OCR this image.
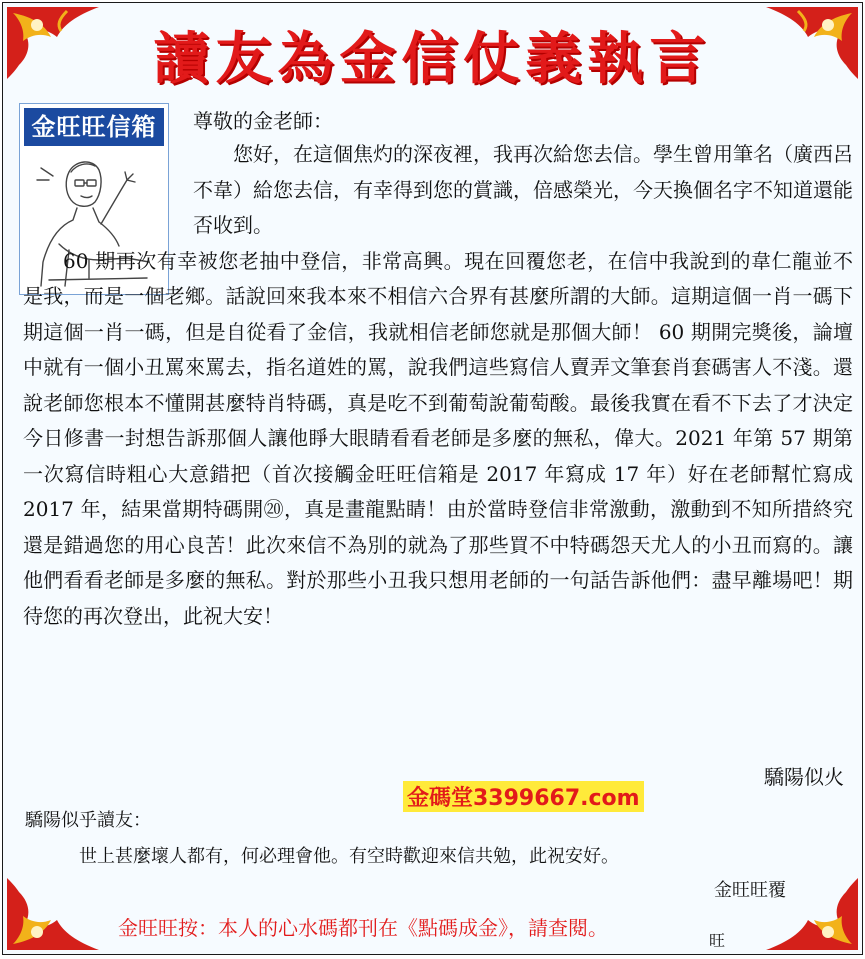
讀友為金信仗義執言
金旺旺信箱	尊敬的金老師：

您好，在這個焦灼的深夜裡，我再次給您去信。學生曾用筆名（廣西呂不韋）給您去信，有幸得到您的賞識，倍感榮光，今天換個名字不知道還能否收到。

60 期再次有幸被您老抽中登信，非常高興。現在回覆您老，在信中我說到的韋仁龍並不是我，而是一個老鄉。話說回來我本來不相信六合界有甚麼所謂的大師。這期這個一肖一碼下期這個一肖一碼，但是自從看了金信，我就相信老師您就是那個大師！ 60 期開完獎後，論壇中就有一個小丑罵來罵去，指名道姓的罵，說我們這些寫信人賣弄文筆套肖套碼害人不淺。還說老師您根本不懂開甚麼特肖特碼，真是吃不到葡萄說葡萄酸。最後我實在看不下去了才決定今日修書一封想告訴那個人讓他睜大眼睛看看老師是多麼的無私，偉大。2021 年第 57 期第一次寫信時粗心大意錯把（首次接觸金旺旺信箱是 2017 年寫成 17 年）好在老師幫忙寫成 2017 年，結果當期特碼開⑳，真是畫龍點睛！由於當時登信非常激動，激動到不知所措終究還是錯過您的用心良苦！此次來信不為別的就為了那些買不中特碼怨天尤人的小丑而寫的。讓他們看看老師是多麼的無私。對於那些小丑我只想用老師的一句話告訴他們：盡早離場吧！期待您的再次登出，此祝大安！

驕陽似火
金碼堂3399667.com
驕陽似乎讀友：
世上甚麼壞人都有，何必理會他。有空時歡迎來信共勉，此祝安好。
金旺旺覆
金旺旺按：本人的心水碼都刊在《點碼成金》，請查閱。
旺
